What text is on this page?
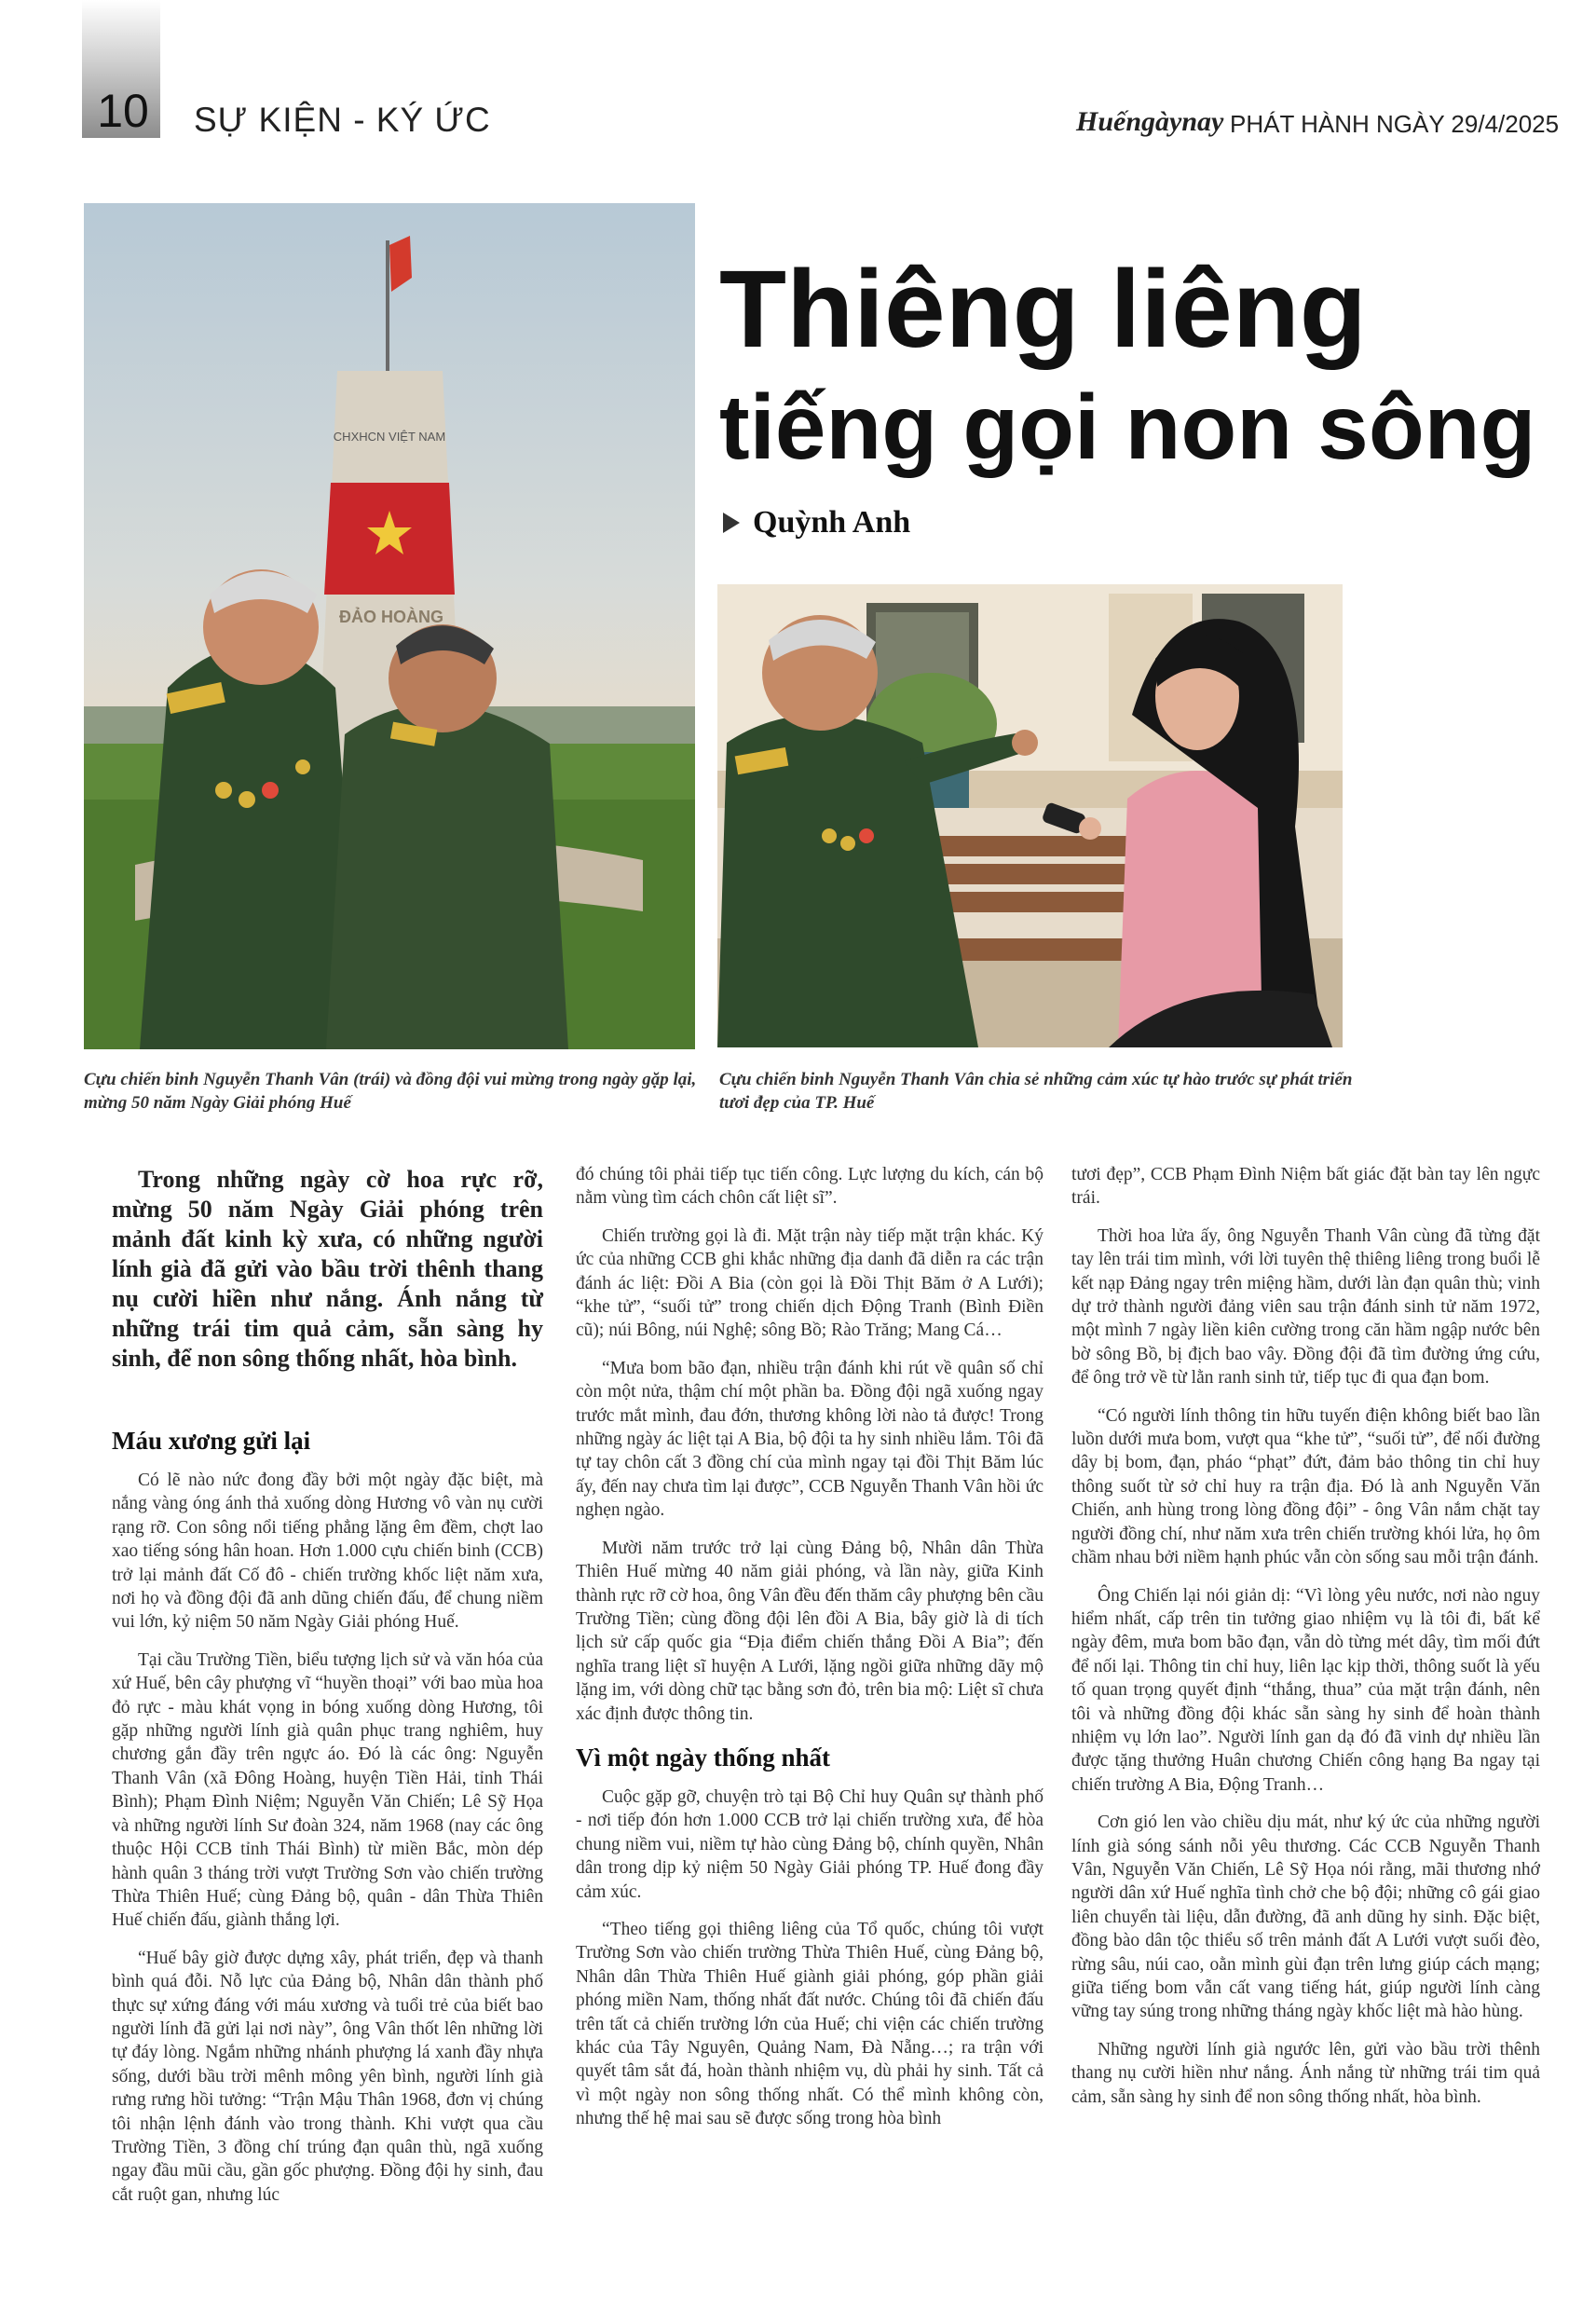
10	SỰ KIỆN - KÝ ỨC	Huếngàynay PHÁT HÀNH NGÀY 29/4/2025
CHXHCN VIỆT NAM
ĐẢO HOÀNG
Thiêng liêng
tiếng gọi non sông
Quỳnh Anh
Cựu chiến binh Nguyễn Thanh Vân (trái) và đồng đội vui mừng trong ngày gặp lại, mừng 50 năm Ngày Giải phóng Huế
Cựu chiến binh Nguyễn Thanh Vân chia sẻ những cảm xúc tự hào trước sự phát triển tươi đẹp của TP. Huế

Trong những ngày cờ hoa rực rỡ, mừng 50 năm Ngày Giải phóng trên mảnh đất kinh kỳ xưa, có những người lính già đã gửi vào bầu trời thênh thang nụ cười hiền như nắng. Ánh nắng từ những trái tim quả cảm, sẵn sàng hy sinh, để non sông thống nhất, hòa bình.

Máu xương gửi lại

Có lẽ nào nức đong đầy bởi một ngày đặc biệt, mà nắng vàng óng ánh thả xuống dòng Hương vô vàn nụ cười rạng rỡ. Con sông nổi tiếng phẳng lặng êm đềm, chợt lao xao tiếng sóng hân hoan. Hơn 1.000 cựu chiến binh (CCB) trở lại mảnh đất Cố đô - chiến trường khốc liệt năm xưa, nơi họ và đồng đội đã anh dũng chiến đấu, để chung niềm vui lớn, kỷ niệm 50 năm Ngày Giải phóng Huế.

Tại cầu Trường Tiền, biểu tượng lịch sử và văn hóa của xứ Huế, bên cây phượng vĩ “huyền thoại” với bao mùa hoa đỏ rực - màu khát vọng in bóng xuống dòng Hương, tôi gặp những người lính già quân phục trang nghiêm, huy chương gắn đầy trên ngực áo. Đó là các ông: Nguyễn Thanh Vân (xã Đông Hoàng, huyện Tiền Hải, tỉnh Thái Bình); Phạm Đình Niệm; Nguyễn Văn Chiến; Lê Sỹ Họa và những người lính Sư đoàn 324, năm 1968 (nay các ông thuộc Hội CCB tỉnh Thái Bình) từ miền Bắc, mòn dép hành quân 3 tháng trời vượt Trường Sơn vào chiến trường Thừa Thiên Huế; cùng Đảng bộ, quân - dân Thừa Thiên Huế chiến đấu, giành thắng lợi.

“Huế bây giờ được dựng xây, phát triển, đẹp và thanh bình quá đỗi. Nỗ lực của Đảng bộ, Nhân dân thành phố thực sự xứng đáng với máu xương và tuổi trẻ của biết bao người lính đã gửi lại nơi này”, ông Vân thốt lên những lời tự đáy lòng. Ngắm những nhánh phượng lá xanh đầy nhựa sống, dưới bầu trời mênh mông yên bình, người lính già rưng rưng hồi tưởng: “Trận Mậu Thân 1968, đơn vị chúng tôi nhận lệnh đánh vào trong thành. Khi vượt qua cầu Trường Tiền, 3 đồng chí trúng đạn quân thù, ngã xuống ngay đầu mũi cầu, gần gốc phượng. Đồng đội hy sinh, đau cắt ruột gan, nhưng lúc

đó chúng tôi phải tiếp tục tiến công. Lực lượng du kích, cán bộ nằm vùng tìm cách chôn cất liệt sĩ”.

Chiến trường gọi là đi. Mặt trận này tiếp mặt trận khác. Ký ức của những CCB ghi khắc những địa danh đã diễn ra các trận đánh ác liệt: Đồi A Bia (còn gọi là Đồi Thịt Băm ở A Lưới); “khe tử”, “suối tử” trong chiến dịch Động Tranh (Bình Điền cũ); núi Bông, núi Nghệ; sông Bồ; Rào Trăng; Mang Cá…

“Mưa bom bão đạn, nhiều trận đánh khi rút về quân số chỉ còn một nửa, thậm chí một phần ba. Đồng đội ngã xuống ngay trước mắt mình, đau đớn, thương không lời nào tả được! Trong những ngày ác liệt tại A Bia, bộ đội ta hy sinh nhiều lắm. Tôi đã tự tay chôn cất 3 đồng chí của mình ngay tại đồi Thịt Băm lúc ấy, đến nay chưa tìm lại được”, CCB Nguyễn Thanh Vân hồi ức nghẹn ngào.

Mười năm trước trở lại cùng Đảng bộ, Nhân dân Thừa Thiên Huế mừng 40 năm giải phóng, và lần này, giữa Kinh thành rực rỡ cờ hoa, ông Vân đều đến thăm cây phượng bên cầu Trường Tiền; cùng đồng đội lên đồi A Bia, bây giờ là di tích lịch sử cấp quốc gia “Địa điểm chiến thắng Đồi A Bia”; đến nghĩa trang liệt sĩ huyện A Lưới, lặng ngồi giữa những dãy mộ lặng im, với dòng chữ tạc bằng sơn đỏ, trên bia mộ: Liệt sĩ chưa xác định được thông tin.

Vì một ngày thống nhất

Cuộc gặp gỡ, chuyện trò tại Bộ Chỉ huy Quân sự thành phố - nơi tiếp đón hơn 1.000 CCB trở lại chiến trường xưa, để hòa chung niềm vui, niềm tự hào cùng Đảng bộ, chính quyền, Nhân dân trong dịp kỷ niệm 50 Ngày Giải phóng TP. Huế đong đầy cảm xúc.

“Theo tiếng gọi thiêng liêng của Tổ quốc, chúng tôi vượt Trường Sơn vào chiến trường Thừa Thiên Huế, cùng Đảng bộ, Nhân dân Thừa Thiên Huế giành giải phóng, góp phần giải phóng miền Nam, thống nhất đất nước. Chúng tôi đã chiến đấu trên tất cả chiến trường lớn của Huế; chi viện các chiến trường khác của Tây Nguyên, Quảng Nam, Đà Nẵng…; ra trận với quyết tâm sắt đá, hoàn thành nhiệm vụ, dù phải hy sinh. Tất cả vì một ngày non sông thống nhất. Có thể mình không còn, nhưng thế hệ mai sau sẽ được sống trong hòa bình

tươi đẹp”, CCB Phạm Đình Niệm bất giác đặt bàn tay lên ngực trái.

Thời hoa lửa ấy, ông Nguyễn Thanh Vân cùng đã từng đặt tay lên trái tim mình, với lời tuyên thệ thiêng liêng trong buổi lễ kết nạp Đảng ngay trên miệng hầm, dưới làn đạn quân thù; vinh dự trở thành người đảng viên sau trận đánh sinh tử năm 1972, một mình 7 ngày liền kiên cường trong căn hầm ngập nước bên bờ sông Bồ, bị địch bao vây. Đồng đội đã tìm đường ứng cứu, để ông trở về từ lằn ranh sinh tử, tiếp tục đi qua đạn bom.

“Có người lính thông tin hữu tuyến điện không biết bao lần luồn dưới mưa bom, vượt qua “khe tử”, “suối tử”, để nối đường dây bị bom, đạn, pháo “phạt” đứt, đảm bảo thông tin chỉ huy thông suốt từ sở chỉ huy ra trận địa. Đó là anh Nguyễn Văn Chiến, anh hùng trong lòng đồng đội” - ông Vân nắm chặt tay người đồng chí, như năm xưa trên chiến trường khói lửa, họ ôm chầm nhau bởi niềm hạnh phúc vẫn còn sống sau mỗi trận đánh.

Ông Chiến lại nói giản dị: “Vì lòng yêu nước, nơi nào nguy hiểm nhất, cấp trên tin tưởng giao nhiệm vụ là tôi đi, bất kể ngày đêm, mưa bom bão đạn, vẫn dò từng mét dây, tìm mối đứt để nối lại. Thông tin chỉ huy, liên lạc kịp thời, thông suốt là yếu tố quan trọng quyết định “thắng, thua” của mặt trận đánh, nên tôi và những đồng đội khác sẵn sàng hy sinh để hoàn thành nhiệm vụ lớn lao”. Người lính gan dạ đó đã vinh dự nhiều lần được tặng thưởng Huân chương Chiến công hạng Ba ngay tại chiến trường A Bia, Động Tranh…

Cơn gió len vào chiều dịu mát, như ký ức của những người lính già sóng sánh nỗi yêu thương. Các CCB Nguyễn Thanh Vân, Nguyễn Văn Chiến, Lê Sỹ Họa nói rằng, mãi thương nhớ người dân xứ Huế nghĩa tình chở che bộ đội; những cô gái giao liên chuyển tài liệu, dẫn đường, đã anh dũng hy sinh. Đặc biệt, đồng bào dân tộc thiểu số trên mảnh đất A Lưới vượt suối đèo, rừng sâu, núi cao, oằn mình gùi đạn trên lưng giúp cách mạng; giữa tiếng bom vẫn cất vang tiếng hát, giúp người lính càng vững tay súng trong những tháng ngày khốc liệt mà hào hùng.

Những người lính già ngước lên, gửi vào bầu trời thênh thang nụ cười hiền như nắng. Ánh nắng từ những trái tim quả cảm, sẵn sàng hy sinh để non sông thống nhất, hòa bình.
